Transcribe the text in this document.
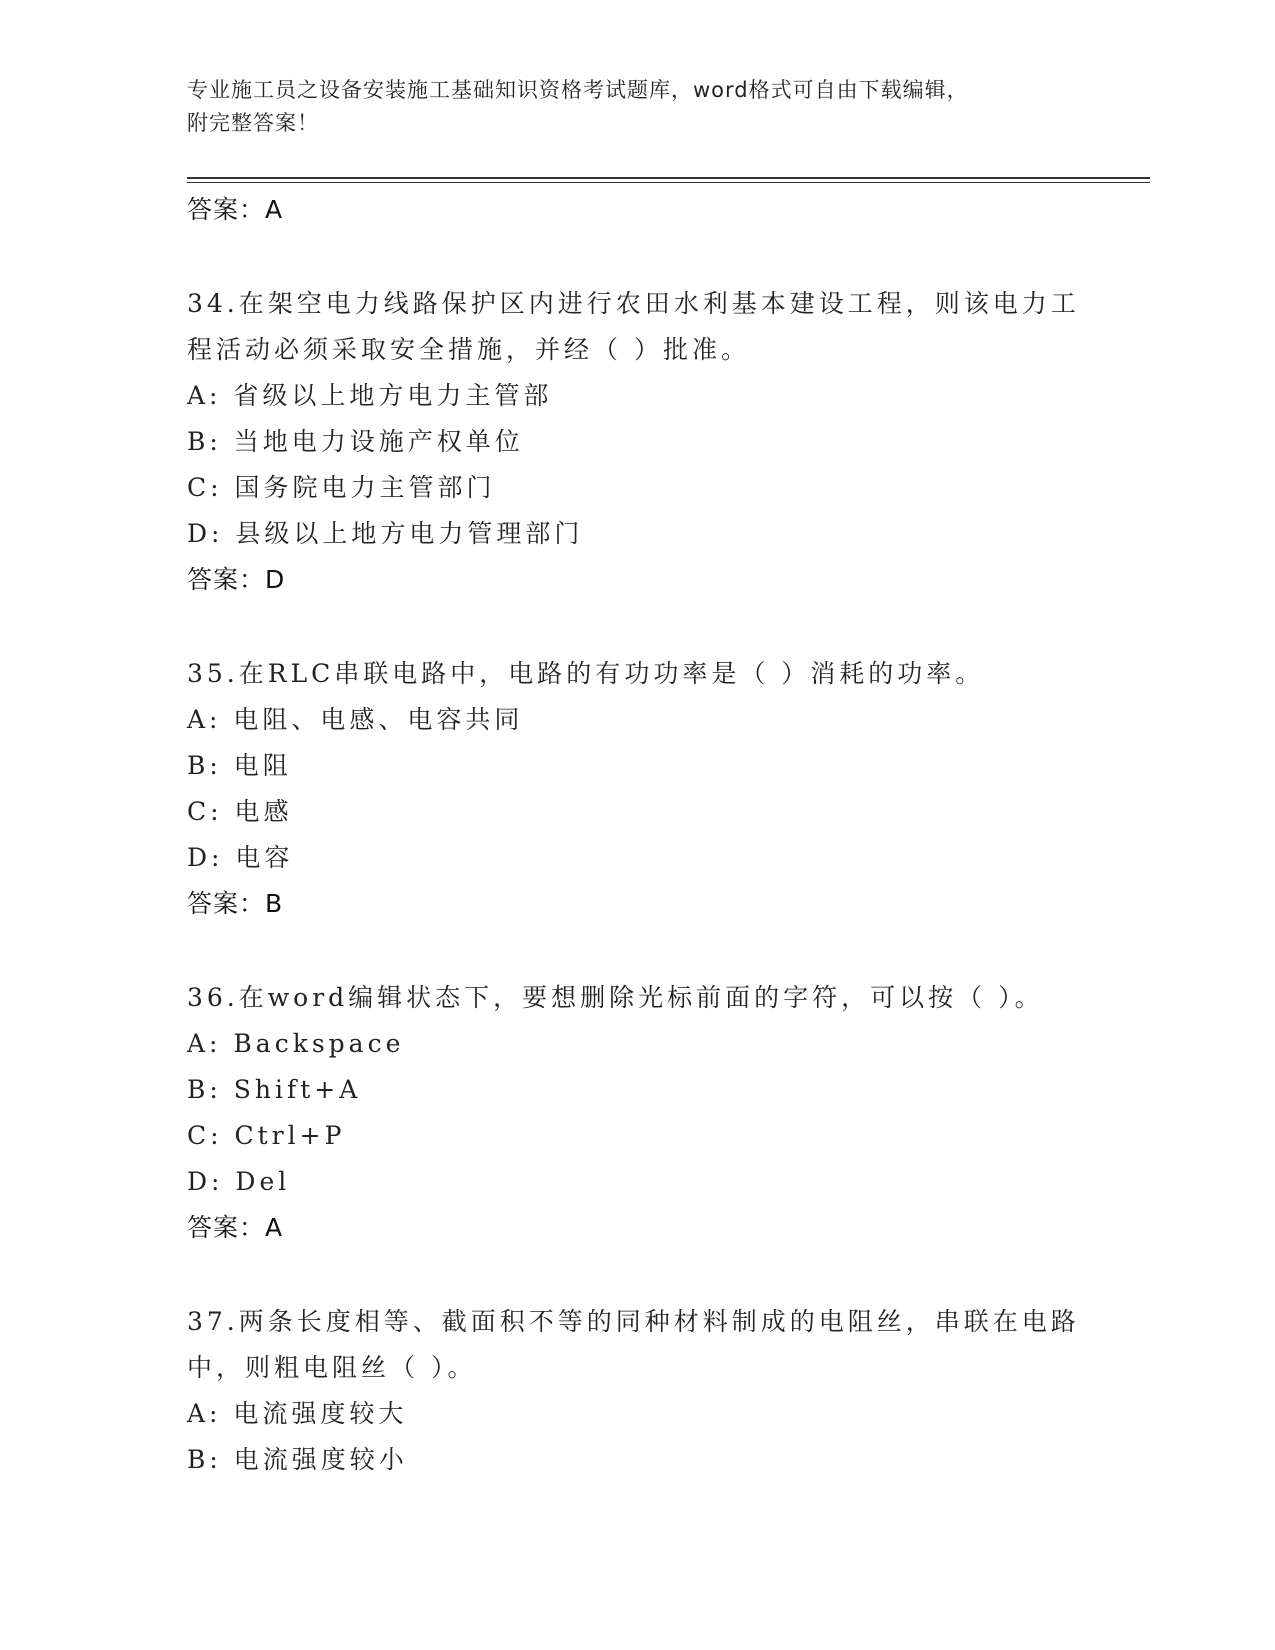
专业施工员之设备安装施工基础知识资格考试题库，word格式可自由下载编辑，
附完整答案！
答案：A
34.在架空电力线路保护区内进行农田水利基本建设工程，则该电力工程活动必须采取安全措施，并经（ ）批准。
A: 省级以上地方电力主管部
B: 当地电力设施产权单位
C: 国务院电力主管部门
D: 县级以上地方电力管理部门
答案：D
35.在RLC串联电路中，电路的有功功率是（ ）消耗的功率。
A: 电阻、电感、电容共同
B: 电阻
C: 电感
D: 电容
答案：B
36.在word编辑状态下，要想删除光标前面的字符，可以按（ ）。
A: Backspace
B: Shift+A
C: Ctrl+P
D: Del
答案：A
37.两条长度相等、截面积不等的同种材料制成的电阻丝，串联在电路中，则粗电阻丝（ ）。
A: 电流强度较大
B: 电流强度较小
